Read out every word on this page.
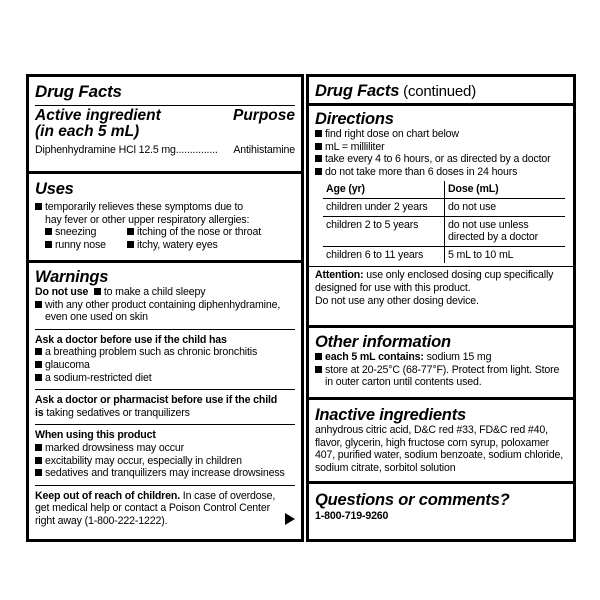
Drug Facts
Active ingredient	Purpose
(in each 5 mL)
Diphenhydramine HCl 12.5 mg............... Antihistamine
Uses
temporarily relieves these symptoms due to
hay fever or other upper respiratory allergies:
sneezing	itching of the nose or throat
runny nose	itchy, watery eyes
Warnings
Do not use to make a child sleepy
with any other product containing diphenhydramine,
even one used on skin
Ask a doctor before use if the child has
a breathing problem such as chronic bronchitis
glaucoma
a sodium-restricted diet
Ask a doctor or pharmacist before use if the child
is taking sedatives or tranquilizers
When using this product
marked drowsiness may occur
excitability may occur, especially in children
sedatives and tranquilizers may increase drowsiness
Keep out of reach of children. In case of overdose,
get medical help or contact a Poison Control Center
right away (1-800-222-1222).
Drug Facts (continued)
Directions
find right dose on chart below
mL = milliliter
take every 4 to 6 hours, or as directed by a doctor
do not take more than 6 doses in 24 hours
Age (yr)	Dose (mL)
children under 2 years	do not use
children 2 to 5 years	do not use unless directed by a doctor
children 6 to 11 years	5 mL to 10 mL
Attention: use only enclosed dosing cup specifically designed for use with this product.
Do not use any other dosing device.
Other information
each 5 mL contains: sodium 15 mg
store at 20-25°C (68-77°F). Protect from light. Store in outer carton until contents used.
Inactive ingredients
anhydrous citric acid, D&C red #33, FD&C red #40, flavor, glycerin, high fructose corn syrup, poloxamer 407, purified water, sodium benzoate, sodium chloride, sodium citrate, sorbitol solution
Questions or comments?
1-800-719-9260
